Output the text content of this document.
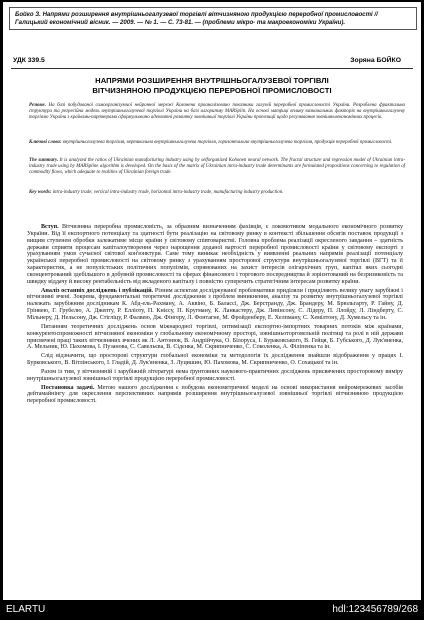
Бойко З. Напрями розширення внутрішньогалузевої торгівлі вітчизняною продукцією переробної промисловості // Галицький економічний вісник. — 2009. — № 1. — С. 73-81. — (проблеми мікро- та макроекономіки України).
УДК 339.5	Зоряна БОЙКО
НАПРЯМИ РОЗШИРЕННЯ ВНУТРІШНЬОГАЛУЗЕВОЇ ТОРГІВЛІ
ВІТЧИЗНЯНОЮ ПРОДУКЦІЄЮ ПЕРЕРОБНОЇ ПРОМИСЛОВОСТІ
Резюме. На базі побудованої самоорганізуючої нейронної мережі Кохонена проаналізовано показники галузей переробної промисловості України. Розроблена фрактальна структура та регресійна модель внутрішньогалузевої торгівлі України на базі алгоритму MARSplin. На основі матриці впливу визначальних факторів на внутрішньогалузеву торгівлю України з країнами-партнерами сформульовано адекватні розвитку зовнішньої торгівлі України пропозиції щодо регулювання зовнішньоекономічних процесів.
Ключові слова: внутрішньогалузева торгівля, вертикальна внутрішньогалузева торгівля, горизонтальна внутрішньогалузева торгівля, продукція переробної промисловості.
The summary. It is analyzed the ratios of Ukrainian manufacturing industry using by selforganized Kohonen neural network. The fractal structure and regression model of Ukrainian intra-industry trade using by MARSpline algorithm is developed. On the basis of the matrix of Ukrainian intra-industry trade determinants are formulated propositions concerning to regulation of commodity flows, which adequate to realities of Ukrainian foreign trade.
Key words: intra-industry trade, vertical intra-industry trade, horizontal intra-industry trade, manufacturing industry production.

Вступ. Вітчизняна переробна промисловість, за образним визначенням фахівців, є локомотивом модального економічного розвитку України. Від її експортного потенціалу та здатності бути реалізацію на світовому ринку в контексті збільшення обсягів поставок продукції з вищим ступенем обробки залежатиме місце країни у світовому співтоваристві. Головна проблема реалізації окресленого завдання – здатність держави сприяти процесам капіталоутворення через нарощення доданої вартості переробної промисловості країни у світовому експорті з урахуванням умов сучасної світової кон'юнктури. Саме тому виникає необхідність у виявленні реальних напрямів реалізації потенціалу української переробної промисловості на світовому ринку з урахуванням просторової структури внутрішньогалузевої торгівлі (ВГТ) та її характеристик, а не популістських політичних популізмів, спрямованих на захист інтересів олігархічних груп, капітал яких сьогодні сконцентрований здебільшого в добувній промисловості та сферах фінансового і торгового посередництва й зорієнтований на безризиковість та швидку віддачу й високу рентабельність від вкладеного капіталу і повністю суперечить стратегічним інтересам розвитку країни.

Аналіз останніх досліджень і публікацій. Різним аспектам досліджуваної проблематики приділяли і приділяють велику увагу зарубіжні і вітчизняні вчені. Зокрема, фундаментальні теоретичні дослідження з проблем виникнення, аналізу та розвитку внутрішньогалузевої торгівлі належать зарубіжним дослідникам К. Абд-ель-Рахману, А. Аквіно, Б. Балассі, Дж. Берстранду, Дж. Брандеру, М. Брюльгарту, Р. Гайну, Д. Грінвею, Г. Грубелю, А. Джепту, Р. Елліоту, П. Кнієсу, П. Кругману, К. Ланкастеру, Дж. Левінсону, С. Лідеру, П. Ллойду, Л. Ліндберту, С. Мільнеру, Д. Нельсону, Дж. Стігліцу, Р. Фалвею, Дж. Фінгеру, Л. Фонтагне, М. Фройденберу, Е. Хелпману, С. Хемілтону, Д. Хумельсу та ін.

Питанням теоретичних досліджень основ міжнародної торгівлі, оптимізації експортно-імпортних товарних потоків між країнами, конкурентоспроможності вітчизняної економіки у глобальному економічному просторі, зовнішньоторговельній політиці та ролі в ній держави присвячені праці таких вітчизняних вчених як Л. Антонюк, В. Андрійчука, О. Білоруса, І. Бураковського, В. Гейця, Б. Губського, Д. Лук'яненка, А. Мельник, Ю. Пахомова, І. Пузанова, С. Савельєва, В. Сідєнка, М. Скрипниченко, С. Соколенка, А. Філіпенка та ін.

Слід відзначити, що просторові структури глобальної економіки та методологія їх дослідження знайшли відображення у працях І. Бурковського, В. Вітлінського, І. Гладій, Д. Лук'яненка, З. Луцишин, Ю. Пахомова, М. Скрипниченко, О. Сохацької та ін.

Разом із тим, у вітчизняній і зарубіжній літературі нема ґрунтовних наукового-практичних досліджень присвячених просторовому виміру внутрішньогалузевої зовнішньої торгівлі продукцією переробної промисловості.

Постановка задачі. Метою нашого дослідження є побудова економетричної моделі на основі використання нейромережевих засобів дейтамайнінгу для окреслення перспективних напрямів розширення внутрішньогалузевої зовнішньої торгівлі вітчизняною продукцією переробної промисловості.

ELARTU	hdl:123456789/268
